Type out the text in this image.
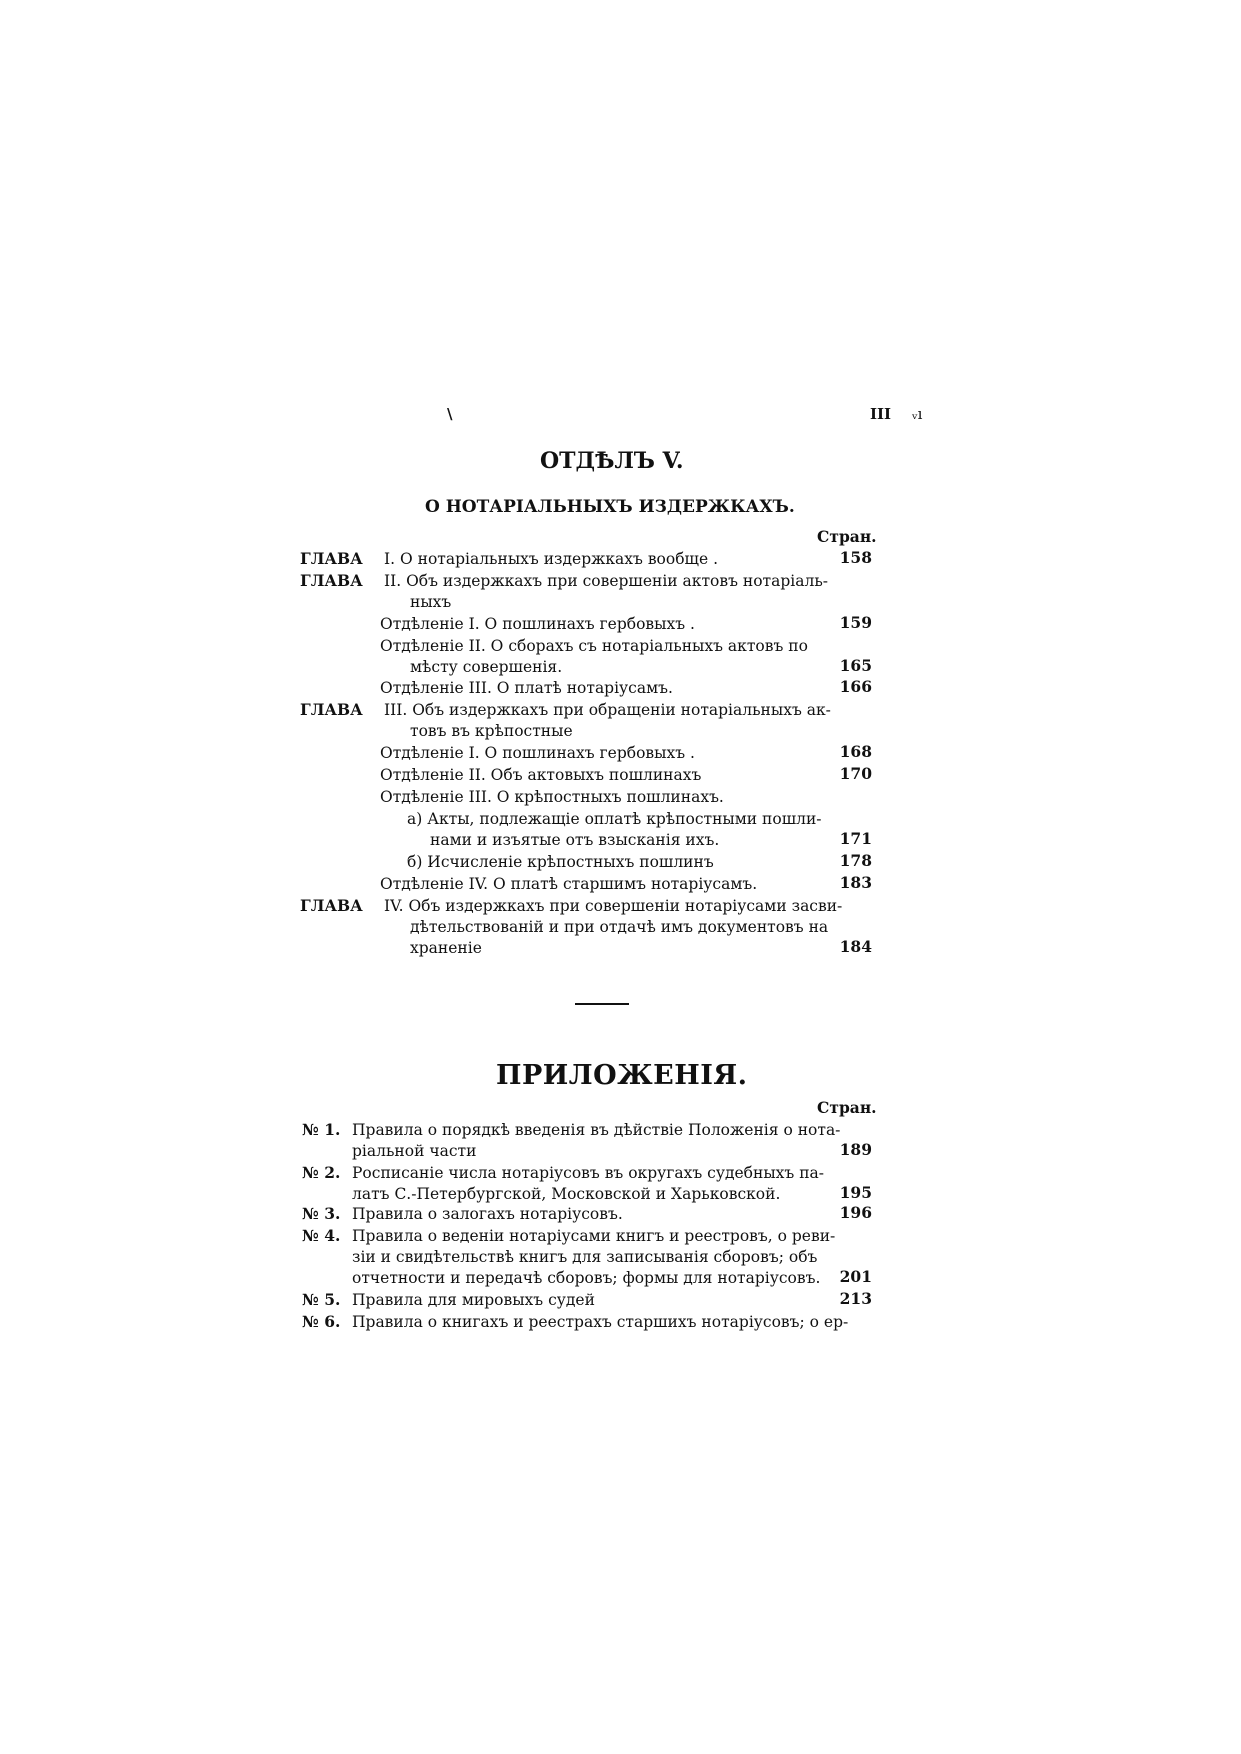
\	III ᵥı
ОТДѢЛЪ V.
О НОТАРІАЛЬНЫХЪ ИЗДЕРЖКАХЪ.
Стран.
ГЛАВА I. О нотаріальныхъ издержкахъ вообще .	158
ГЛАВА II. Объ издержкахъ при совершеніи актовъ нотаріаль-
ныхъ
Отдѣленіе I. О пошлинахъ гербовыхъ .	159
Отдѣленіе II. О сборахъ съ нотаріальныхъ актовъ по
мѣсту совершенія.	165
Отдѣленіе III. О платѣ нотаріусамъ.	166
ГЛАВА III. Объ издержкахъ при обращеніи нотаріальныхъ ак-
товъ въ крѣпостные
Отдѣленіе I. О пошлинахъ гербовыхъ .	168
Отдѣленіе II. Объ актовыхъ пошлинахъ	170
Отдѣленіе III. О крѣпостныхъ пошлинахъ.
а) Акты, подлежащіе оплатѣ крѣпостными пошли-
нами и изъятые отъ взысканія ихъ.	171
б) Исчисленіе крѣпостныхъ пошлинъ	178
Отдѣленіе IV. О платѣ старшимъ нотаріусамъ.	183
ГЛАВА IV. Объ издержкахъ при совершеніи нотаріусами засви-
дѣтельствованій и при отдачѣ имъ документовъ на
храненіе	184
ПРИЛОЖЕНІЯ.
Стран.
№ 1. Правила о порядкѣ введенія въ дѣйствіе Положенія о нота-
ріальной части	189
№ 2. Росписаніе числа нотаріусовъ въ округахъ судебныхъ па-
латъ С.-Петербургской, Московской и Харьковской.	195
№ 3. Правила о залогахъ нотаріусовъ.	196
№ 4. Правила о веденіи нотаріусами книгъ и реестровъ, о реви-
зіи и свидѣтельствѣ книгъ для записыванія сборовъ; объ
отчетности и передачѣ сборовъ; формы для нотаріусовъ. 201
№ 5. Правила для мировыхъ судей	213
№ 6. Правила о книгахъ и реестрахъ старшихъ нотаріусовъ; о ер-
